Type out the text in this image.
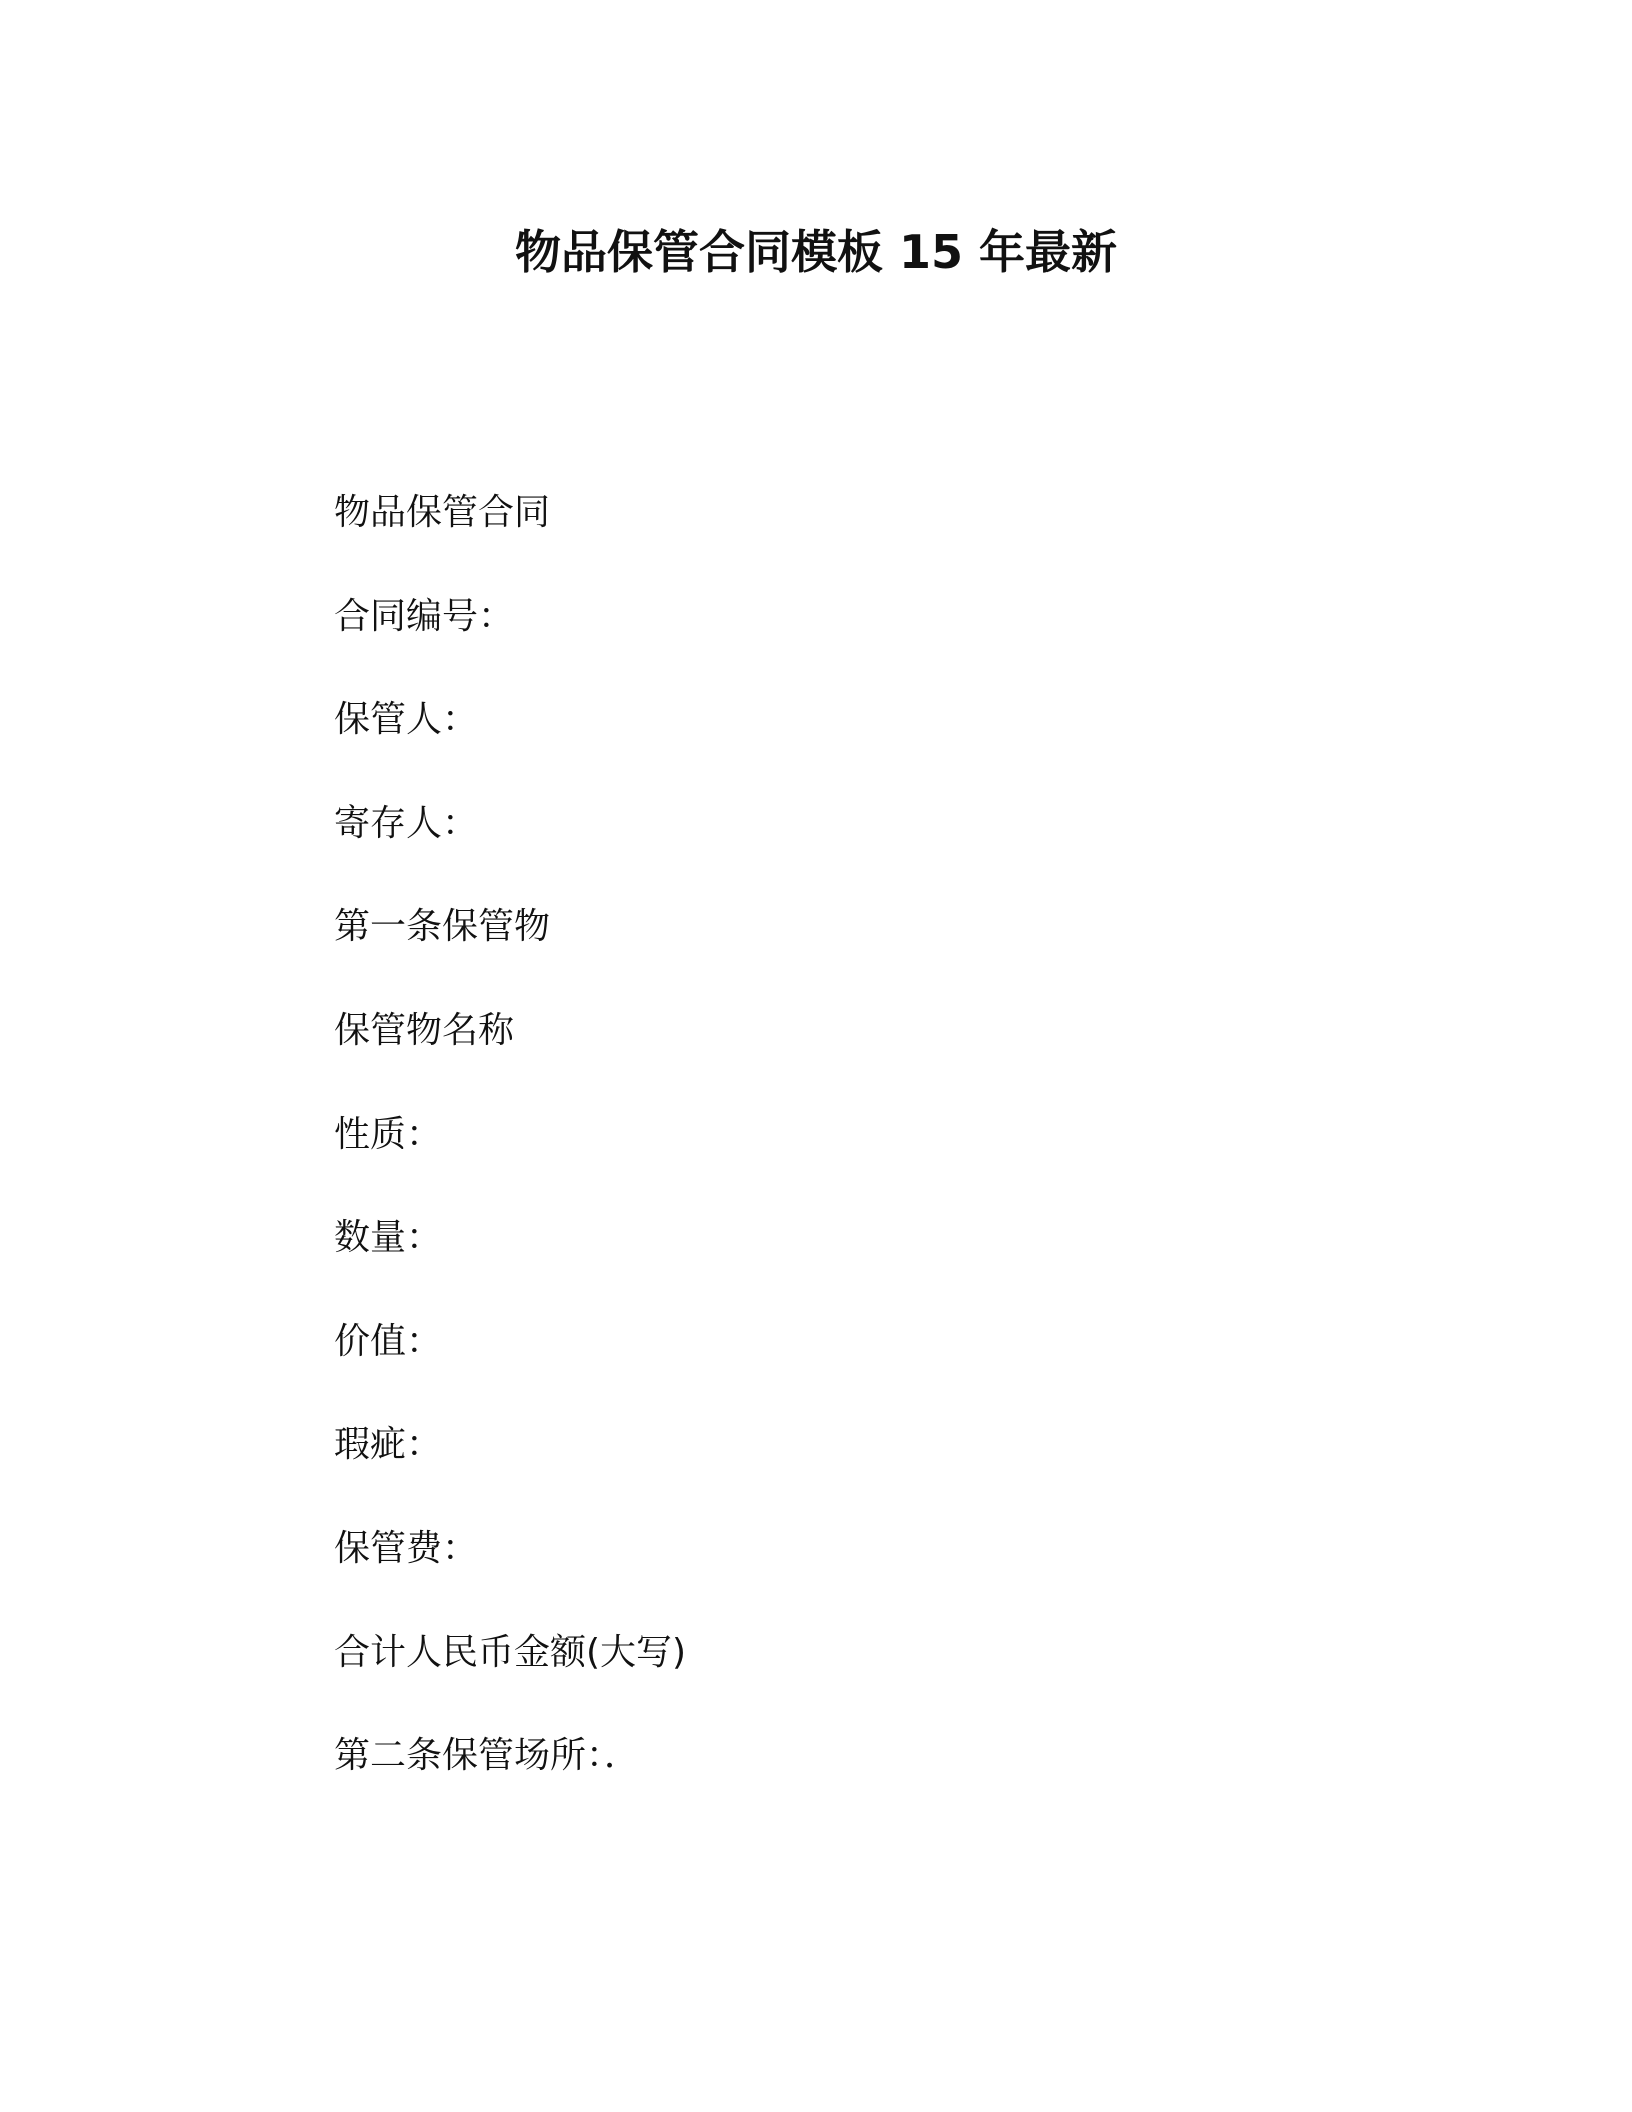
物品保管合同模板 15 年最新

物品保管合同

合同编号：

保管人：

寄存人：

第一条保管物

保管物名称

性质：

数量：

价值：

瑕疵：

保管费：

合计人民币金额(大写)

第二条保管场所：．
